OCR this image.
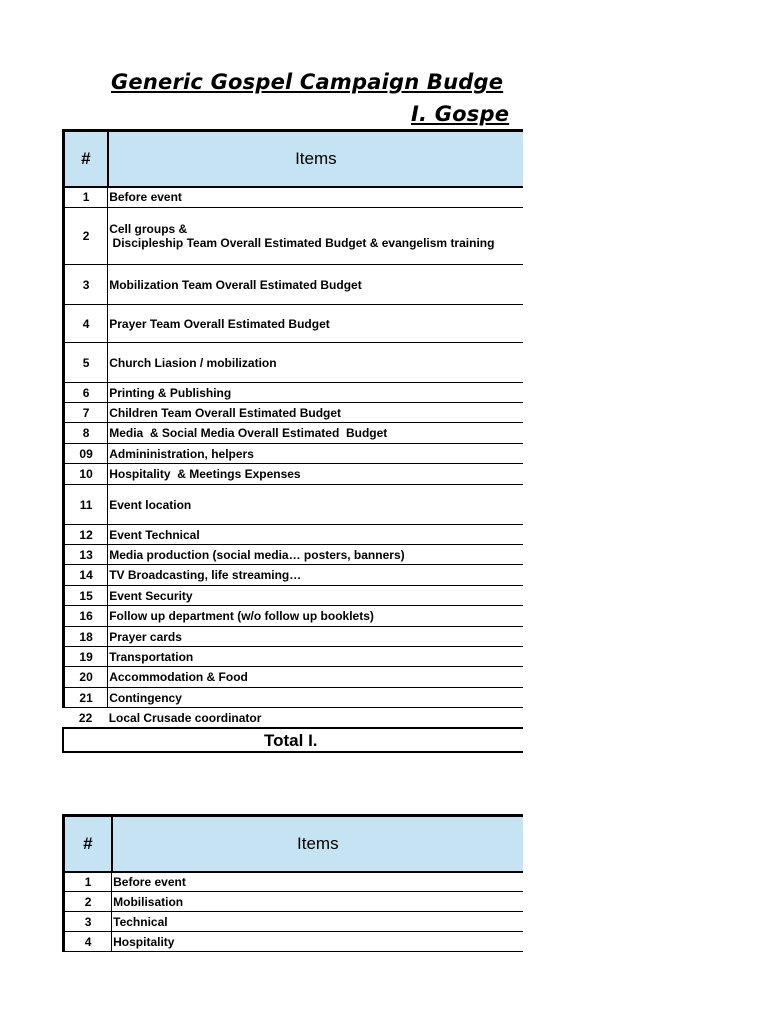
Generic Gospel Campaign Budge
I. Gospe
#	Items
1	Before event
2	Cell groups &
Discipleship Team Overall Estimated Budget & evangelism training
3	Mobilization Team Overall Estimated Budget
4	Prayer Team Overall Estimated Budget
5	Church Liasion / mobilization
6	Printing & Publishing
7	Children Team Overall Estimated Budget
8	Media  & Social Media Overall Estimated  Budget
09	Admininistration, helpers
10	Hospitality  & Meetings Expenses
11	Event location
12	Event Technical
13	Media production (social media… posters, banners)
14	TV Broadcasting, life streaming…
15	Event Security
16	Follow up department (w/o follow up booklets)
18	Prayer cards
19	Transportation
20	Accommodation & Food
21	Contingency
22	Local Crusade coordinator
Total I.
#	Items
1	Before event
2	Mobilisation
3	Technical
4	Hospitality
